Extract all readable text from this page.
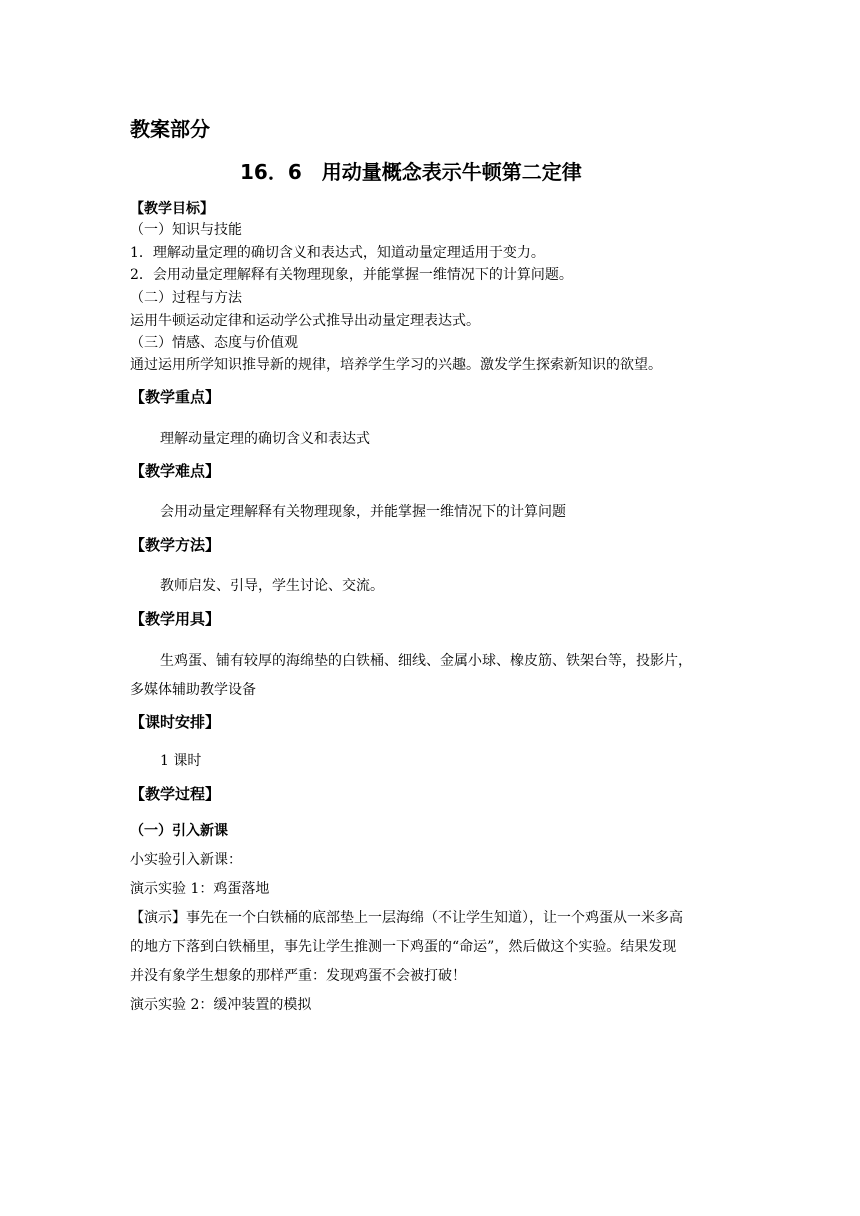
教案部分
16．6　用动量概念表示牛顿第二定律
【教学目标】
（一）知识与技能
1．理解动量定理的确切含义和表达式，知道动量定理适用于变力。
2．会用动量定理解释有关物理现象，并能掌握一维情况下的计算问题。
（二）过程与方法
运用牛顿运动定律和运动学公式推导出动量定理表达式。
（三）情感、态度与价值观
通过运用所学知识推导新的规律，培养学生学习的兴趣。激发学生探索新知识的欲望。
【教学重点】
理解动量定理的确切含义和表达式
【教学难点】
会用动量定理解释有关物理现象，并能掌握一维情况下的计算问题
【教学方法】
教师启发、引导，学生讨论、交流。
【教学用具】
生鸡蛋、铺有较厚的海绵垫的白铁桶、细线、金属小球、橡皮筋、铁架台等，投影片，
多媒体辅助教学设备
【课时安排】
1 课时
【教学过程】
（一）引入新课
小实验引入新课：
演示实验 1：鸡蛋落地
【演示】事先在一个白铁桶的底部垫上一层海绵（不让学生知道），让一个鸡蛋从一米多高
的地方下落到白铁桶里，事先让学生推测一下鸡蛋的“命运”，然后做这个实验。结果发现
并没有象学生想象的那样严重：发现鸡蛋不会被打破！
演示实验 2：缓冲装置的模拟
